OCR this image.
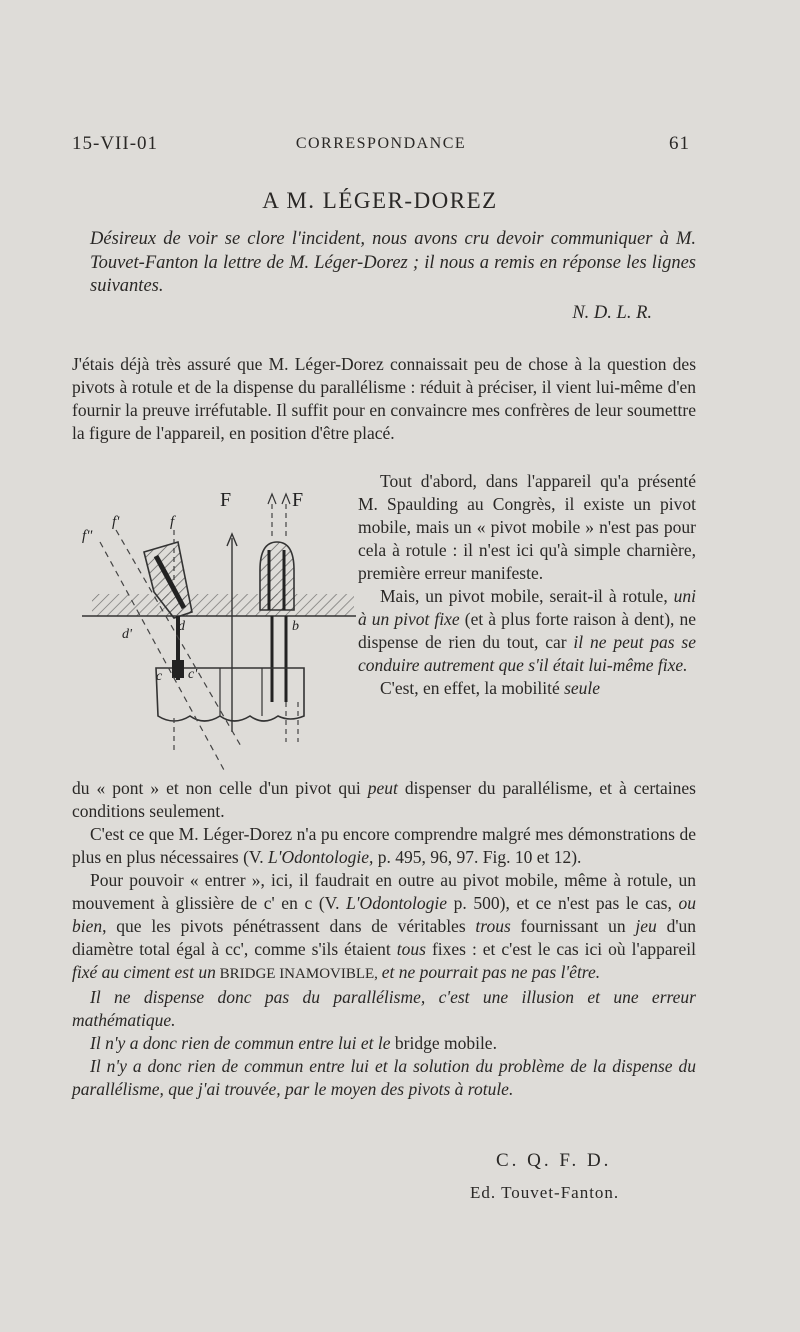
15-VII-01	CORRESPONDANCE	61
A M. LÉGER-DOREZ
Désireux de voir se clore l'incident, nous avons cru devoir communiquer à M. Touvet-Fanton la lettre de M. Léger-Dorez ; il nous a remis en réponse les lignes suivantes.
N. D. L. R.
J'étais déjà très assuré que M. Léger-Dorez connaissait peu de chose à la question des pivots à rotule et de la dispense du parallélisme : réduit à préciser, il vient lui-même d'en fournir la preuve irréfutable. Il suffit pour en convaincre mes confrères de leur soumettre la figure de l'appareil, en position d'être placé.
F	F
f"
f'	f
d'
d	b
c c'

Tout d'abord, dans l'appareil qu'a présenté M. Spaulding au Congrès, il existe un pivot mobile, mais un « pivot mobile » n'est pas pour cela à rotule : il n'est ici qu'à simple charnière, première erreur manifeste.

Mais, un pivot mobile, serait-il à rotule, uni à un pivot fixe (et à plus forte raison à dent), ne dispense de rien du tout, car il ne peut pas se conduire autrement que s'il était lui-même fixe.

C'est, en effet, la mobilité seule

du « pont » et non celle d'un pivot qui peut dispenser du parallélisme, et à certaines conditions seulement.

C'est ce que M. Léger-Dorez n'a pu encore comprendre malgré mes démonstrations de plus en plus nécessaires (V. L'Odontologie, p. 495, 96, 97. Fig. 10 et 12).

Pour pouvoir « entrer », ici, il faudrait en outre au pivot mobile, même à rotule, un mouvement à glissière de c' en c (V. L'Odontologie p. 500), et ce n'est pas le cas, ou bien, que les pivots pénétrassent dans de véritables trous fournissant un jeu d'un diamètre total égal à cc', comme s'ils étaient tous fixes : et c'est le cas ici où l'appareil fixé au ciment est un BRIDGE INAMOVIBLE, et ne pourrait pas ne pas l'être.

Il ne dispense donc pas du parallélisme, c'est une illusion et une erreur mathématique.

Il n'y a donc rien de commun entre lui et le bridge mobile.

Il n'y a donc rien de commun entre lui et la solution du problème de la dispense du parallélisme, que j'ai trouvée, par le moyen des pivots à rotule.

C. Q. F. D.
Ed. Touvet-Fanton.
